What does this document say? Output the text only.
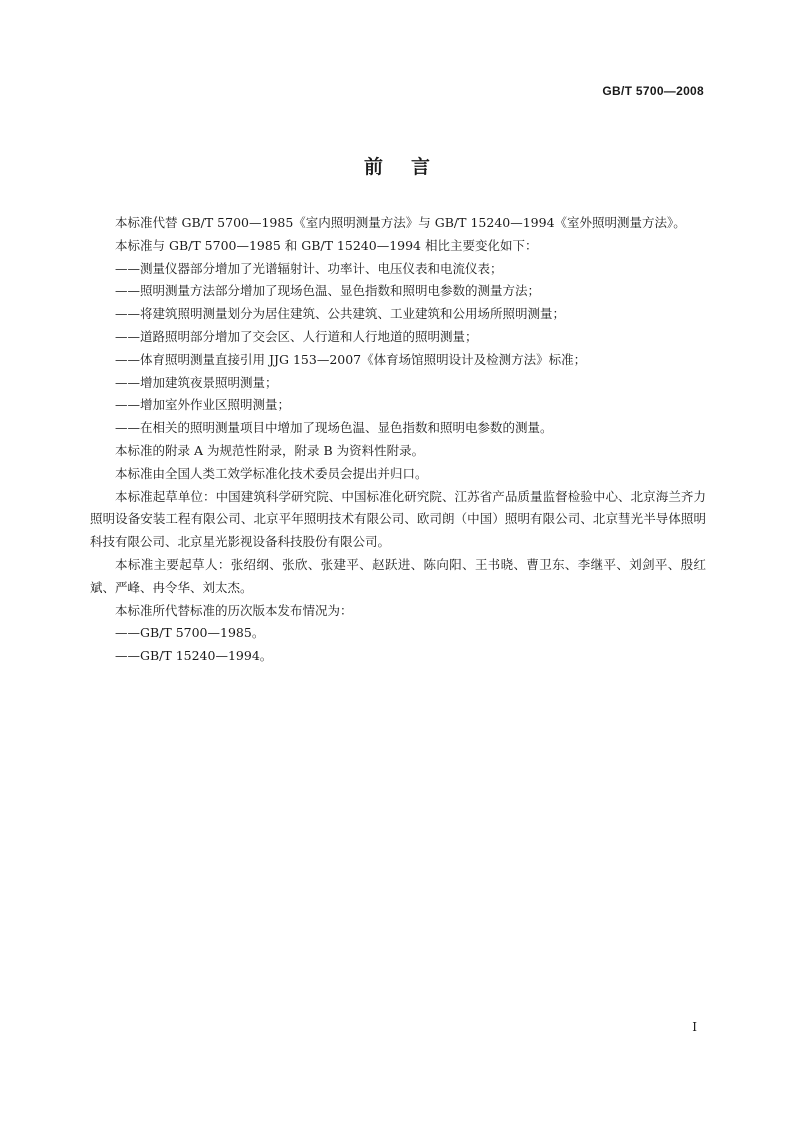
GB/T 5700—2008
前言

本标准代替 GB/T 5700—1985《室内照明测量方法》与 GB/T 15240—1994《室外照明测量方法》。

本标准与 GB/T 5700—1985 和 GB/T 15240—1994 相比主要变化如下：

——测量仪器部分增加了光谱辐射计、功率计、电压仪表和电流仪表；

——照明测量方法部分增加了现场色温、显色指数和照明电参数的测量方法；

——将建筑照明测量划分为居住建筑、公共建筑、工业建筑和公用场所照明测量；

——道路照明部分增加了交会区、人行道和人行地道的照明测量；

——体育照明测量直接引用 JJG 153—2007《体育场馆照明设计及检测方法》标准；

——增加建筑夜景照明测量；

——增加室外作业区照明测量；

——在相关的照明测量项目中增加了现场色温、显色指数和照明电参数的测量。

本标准的附录 A 为规范性附录，附录 B 为资料性附录。

本标准由全国人类工效学标准化技术委员会提出并归口。

本标准起草单位：中国建筑科学研究院、中国标准化研究院、江苏省产品质量监督检验中心、北京海兰齐力照明设备安装工程有限公司、北京平年照明技术有限公司、欧司朗（中国）照明有限公司、北京彗光半导体照明科技有限公司、北京星光影视设备科技股份有限公司。

本标准主要起草人：张绍纲、张欣、张建平、赵跃进、陈向阳、王书晓、曹卫东、李继平、刘剑平、殷红斌、严峰、冉令华、刘太杰。

本标准所代替标准的历次版本发布情况为：

——GB/T 5700—1985。

——GB/T 15240—1994。

I
